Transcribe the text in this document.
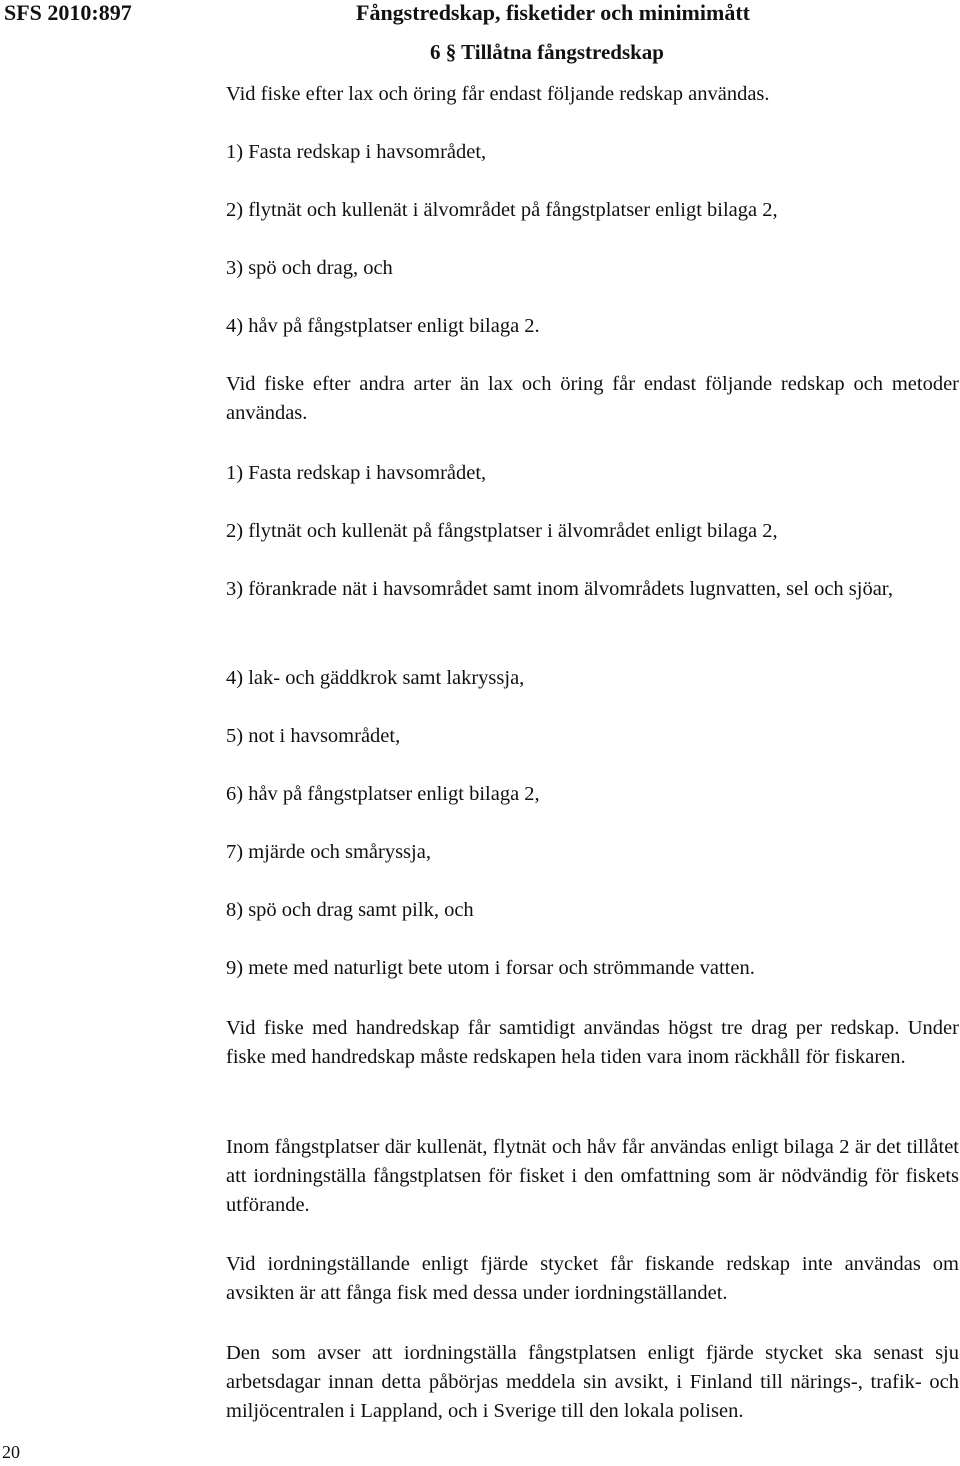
SFS 2010:897	Fångstredskap, fisketider och minimimått
6 § Tillåtna fångstredskap

Vid fiske efter lax och öring får endast följande redskap användas.

1) Fasta redskap i havsområdet,

2) flytnät och kullenät i älvområdet på fångstplatser enligt bilaga 2,

3) spö och drag, och

4) håv på fångstplatser enligt bilaga 2.

Vid fiske efter andra arter än lax och öring får endast följande redskap och metoder användas.

1) Fasta redskap i havsområdet,

2) flytnät och kullenät på fångstplatser i älvområdet enligt bilaga 2,

3) förankrade nät i havsområdet samt inom älvområdets lugnvatten, sel och sjöar,

4) lak- och gäddkrok samt lakryssja,

5) not i havsområdet,

6) håv på fångstplatser enligt bilaga 2,

7) mjärde och småryssja,

8) spö och drag samt pilk, och

9) mete med naturligt bete utom i forsar och strömmande vatten.

Vid fiske med handredskap får samtidigt användas högst tre drag per redskap. Under fiske med handredskap måste redskapen hela tiden vara inom räckhåll för fiskaren.

Inom fångstplatser där kullenät, flytnät och håv får användas enligt bilaga 2 är det tillåtet att iordningställa fångstplatsen för fisket i den omfattning som är nödvändig för fiskets utförande.

Vid iordningställande enligt fjärde stycket får fiskande redskap inte användas om avsikten är att fånga fisk med dessa under iordningställandet.

Den som avser att iordningställa fångstplatsen enligt fjärde stycket ska senast sju arbetsdagar innan detta påbörjas meddela sin avsikt, i Finland till närings-, trafik- och miljöcentralen i Lappland, och i Sverige till den lokala polisen.

20
